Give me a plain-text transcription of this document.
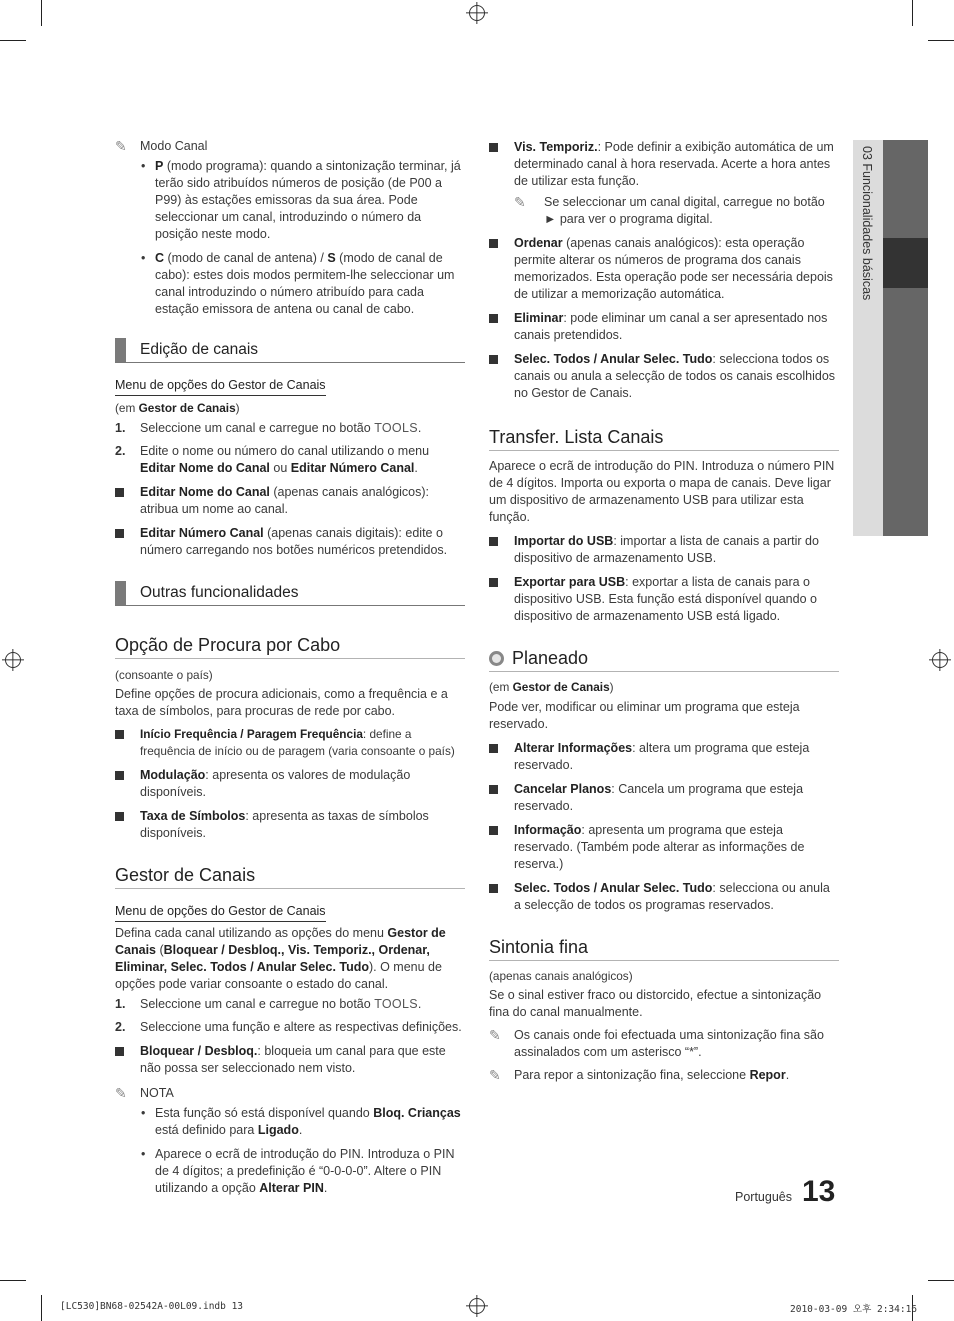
03 Funcionalidades básicas
✎ Modo Canal
• P (modo programa): quando a sintonização terminar, já terão sido atribuídos números de posição (de P00 a P99) às estações emissoras da sua área. Pode seleccionar um canal, introduzindo o número da posição neste modo.
• C (modo de canal de antena) / S (modo de canal de cabo): estes dois modos permitem-lhe seleccionar um canal introduzindo o número atribuído para cada estação emissora de antena ou canal de cabo.
Edição de canais
Menu de opções do Gestor de Canais

(em Gestor de Canais)

1. Seleccione um canal e carregue no botão TOOLS.
2. Edite o nome ou número do canal utilizando o menu Editar Nome do Canal ou Editar Número Canal.
Editar Nome do Canal (apenas canais analógicos): atribua um nome ao canal.
Editar Número Canal (apenas canais digitais): edite o número carregando nos botões numéricos pretendidos.
Outras funcionalidades
Opção de Procura por Cabo

(consoante o país)

Define opções de procura adicionais, como a frequência e a taxa de símbolos, para procuras de rede por cabo.

Início Frequência / Paragem Frequência: define a frequência de início ou de paragem (varia consoante o país)
Modulação: apresenta os valores de modulação disponíveis.
Taxa de Símbolos: apresenta as taxas de símbolos disponíveis.
Gestor de Canais
Menu de opções do Gestor de Canais

Defina cada canal utilizando as opções do menu Gestor de Canais (Bloquear / Desbloq., Vis. Temporiz., Ordenar, Eliminar, Selec. Todos / Anular Selec. Tudo). O menu de opções pode variar consoante o estado do canal.

1. Seleccione um canal e carregue no botão TOOLS.
2. Seleccione uma função e altere as respectivas definições.
Bloquear / Desbloq.: bloqueia um canal para que este não possa ser seleccionado nem visto.
✎ NOTA
• Esta função só está disponível quando Bloq. Crianças está definido para Ligado.
• Aparece o ecrã de introdução do PIN. Introduza o PIN de 4 dígitos; a predefinição é “0-0-0-0”. Altere o PIN utilizando a opção Alterar PIN.
Vis. Temporiz.: Pode definir a exibição automática de um determinado canal à hora reservada. Acerte a hora antes de utilizar esta função.
✎ Se seleccionar um canal digital, carregue no botão ► para ver o programa digital.
Ordenar (apenas canais analógicos): esta operação permite alterar os números de programa dos canais memorizados. Esta operação pode ser necessária depois de utilizar a memorização automática.
Eliminar: pode eliminar um canal a ser apresentado nos canais pretendidos.
Selec. Todos / Anular Selec. Tudo: selecciona todos os canais ou anula a selecção de todos os canais escolhidos no Gestor de Canais.
Transfer. Lista Canais

Aparece o ecrã de introdução do PIN. Introduza o número PIN de 4 dígitos. Importa ou exporta o mapa de canais. Deve ligar um dispositivo de armazenamento USB para utilizar esta função.

Importar do USB: importar a lista de canais a partir do dispositivo de armazenamento USB.
Exportar para USB: exportar a lista de canais para o dispositivo USB. Esta função está disponível quando o dispositivo de armazenamento USB está ligado.
Planeado

(em Gestor de Canais)

Pode ver, modificar ou eliminar um programa que esteja reservado.

Alterar Informações: altera um programa que esteja reservado.
Cancelar Planos: Cancela um programa que esteja reservado.
Informação: apresenta um programa que esteja reservado. (Também pode alterar as informações de reserva.)
Selec. Todos / Anular Selec. Tudo: selecciona ou anula a selecção de todos os programas reservados.
Sintonia fina

(apenas canais analógicos)

Se o sinal estiver fraco ou distorcido, efectue a sintonização fina do canal manualmente.

✎ Os canais onde foi efectuada uma sintonização fina são assinalados com um asterisco “*”.
✎ Para repor a sintonização fina, seleccione Repor.
Português 13
[LC530]BN68-02542A-00L09.indb 13	2010-03-09 오후 2:34:16
